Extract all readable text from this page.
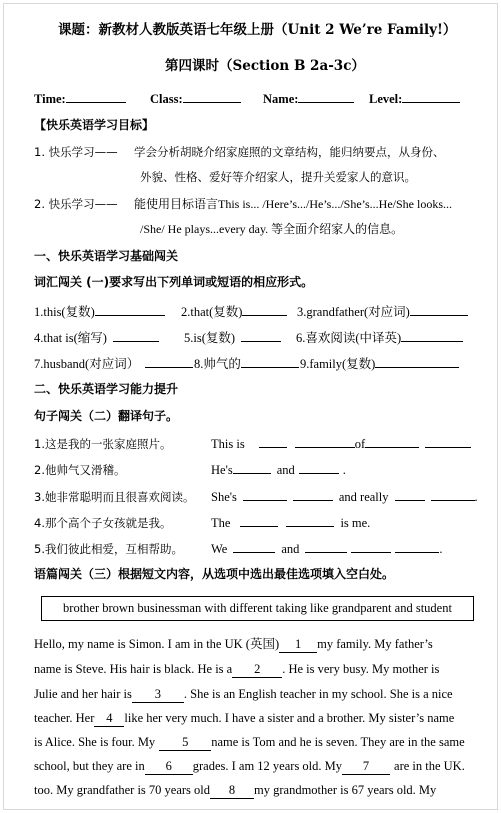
课题：新教材人教版英语七年级上册（Unit 2 We’re Family!）
第四课时（Section B 2a-3c）
Time:	Class:	Name:	Level:
【快乐英语学习目标】
1. 快乐学习—— 学会分析胡晓介绍家庭照的文章结构，能归纳要点，从身份、
外貌、性格、爱好等介绍家人，提升关爱家人的意识。
2. 快乐学习—— 能使用目标语言This is... /Here’s.../He’s.../She’s...He/She looks...
/She/ He plays...every day. 等全面介绍家人的信息。
一、快乐英语学习基础闯关
词汇闯关 (一)要求写出下列单词或短语的相应形式。
1.this(复数)	2.that(复数)	3.grandfather(对应词)
4.that is(缩写)	5.is(复数)	6.喜欢阅读(中译英)
7.husband(对应词）	8.帅气的	9.family(复数)
二、快乐英语学习能力提升
句子闯关（二）翻译句子。
1.这是我的一张家庭照片。	This is	of
2.他帅气又滑稽。	He's	and	.
3.她非常聪明而且很喜欢阅读。 She's	and really	.
4.那个高个子女孩就是我。	The	is me.
5.我们彼此相爱，互相帮助。 We	and	.
语篇闯关（三）根据短文内容，从选项中选出最佳选项填入空白处。
brother brown businessman with different taking like grandparent and student
Hello, my name is Simon. I am in the UK (英国) 1 my family. My father’s
name is Steve. His hair is black. He is a 2 . He is very busy. My mother is
Julie and her hair is 3 . She is an English teacher in my school. She is a nice
teacher. Her 4 like her very much. I have a sister and a brother. My sister’s name
is Alice. She is four. My 5 name is Tom and he is seven. They are in the same
school, but they are in 6 grades. I am 12 years old. My 7 are in the UK.
too. My grandfather is 70 years old 8 my grandmother is 67 years old. My
